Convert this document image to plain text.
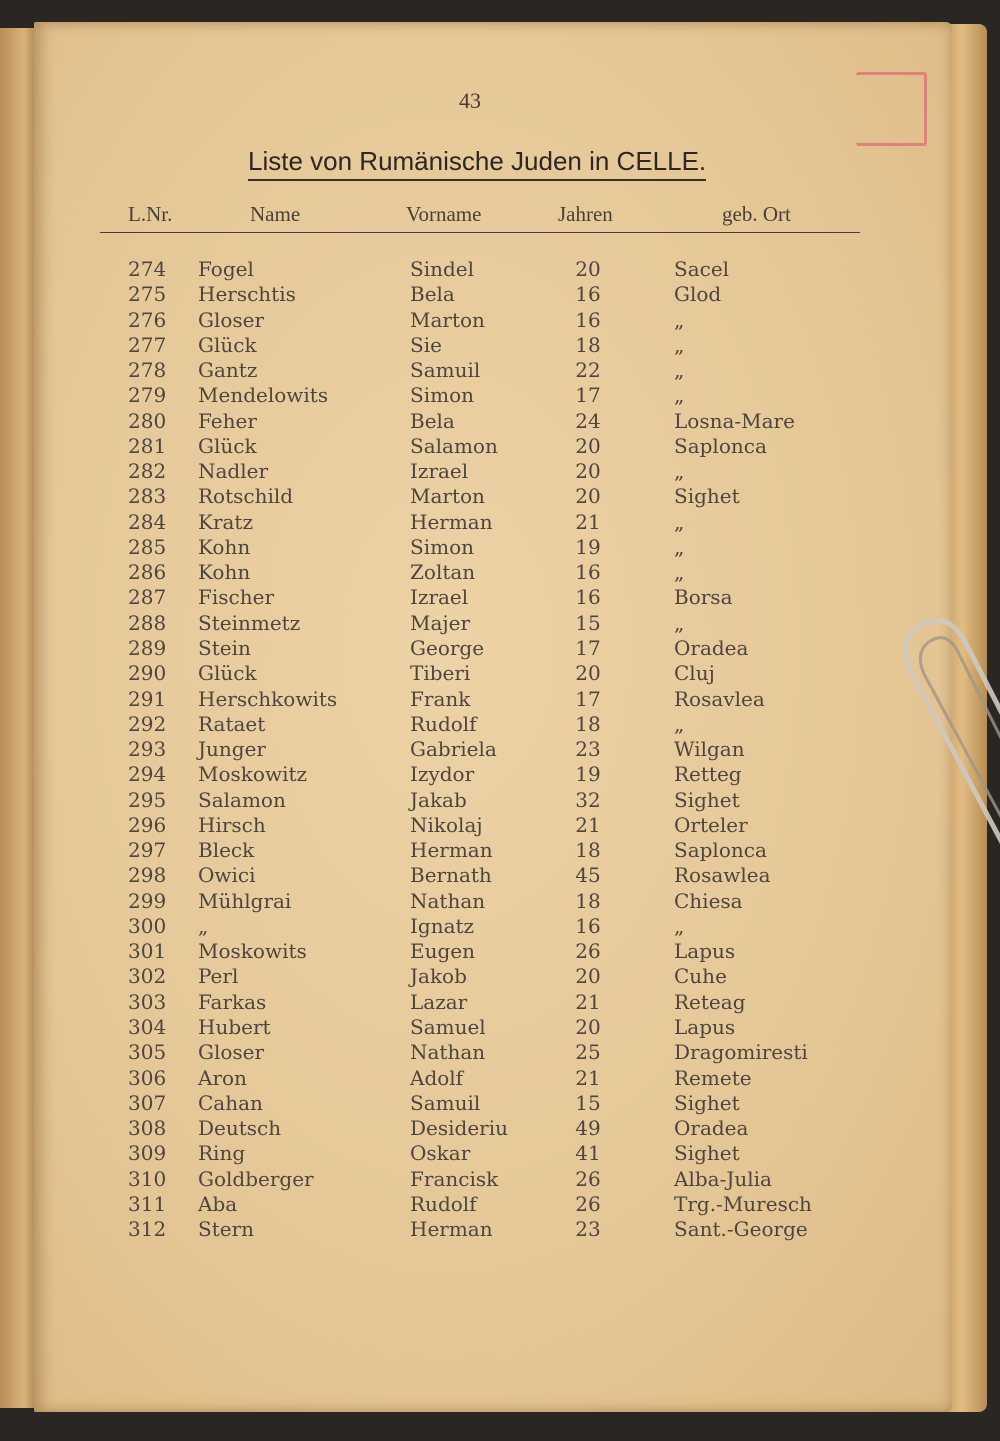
43
Liste von Rumänische Juden in CELLE.
L.Nr.	Name	Vorname	Jahren	geb. Ort
274	Fogel	Sindel	20	Sacel
275	Herschtis	Bela	16	Glod
276	Gloser	Marton	16	„
277	Glück	Sie	18	„
278	Gantz	Samuil	22	„
279	Mendelowits	Simon	17	„
280	Feher	Bela	24	Losna-Mare
281	Glück	Salamon	20	Saplonca
282	Nadler	Izrael	20	„
283	Rotschild	Marton	20	Sighet
284	Kratz	Herman	21	„
285	Kohn	Simon	19	„
286	Kohn	Zoltan	16	„
287	Fischer	Izrael	16	Borsa
288	Steinmetz	Majer	15	„
289	Stein	George	17	Oradea
290	Glück	Tiberi	20	Cluj
291	Herschkowits	Frank	17	Rosavlea
292	Rataet	Rudolf	18	„
293	Junger	Gabriela	23	Wilgan
294	Moskowitz	Izydor	19	Retteg
295	Salamon	Jakab	32	Sighet
296	Hirsch	Nikolaj	21	Orteler
297	Bleck	Herman	18	Saplonca
298	Owici	Bernath	45	Rosawlea
299	Mühlgrai	Nathan	18	Chiesa
300	„	Ignatz	16	„
301	Moskowits	Eugen	26	Lapus
302	Perl	Jakob	20	Cuhe
303	Farkas	Lazar	21	Reteag
304	Hubert	Samuel	20	Lapus
305	Gloser	Nathan	25	Dragomiresti
306	Aron	Adolf	21	Remete
307	Cahan	Samuil	15	Sighet
308	Deutsch	Desideriu	49	Oradea
309	Ring	Oskar	41	Sighet
310	Goldberger	Francisk	26	Alba-Julia
311	Aba	Rudolf	26	Trg.-Muresch
312	Stern	Herman	23	Sant.-George
